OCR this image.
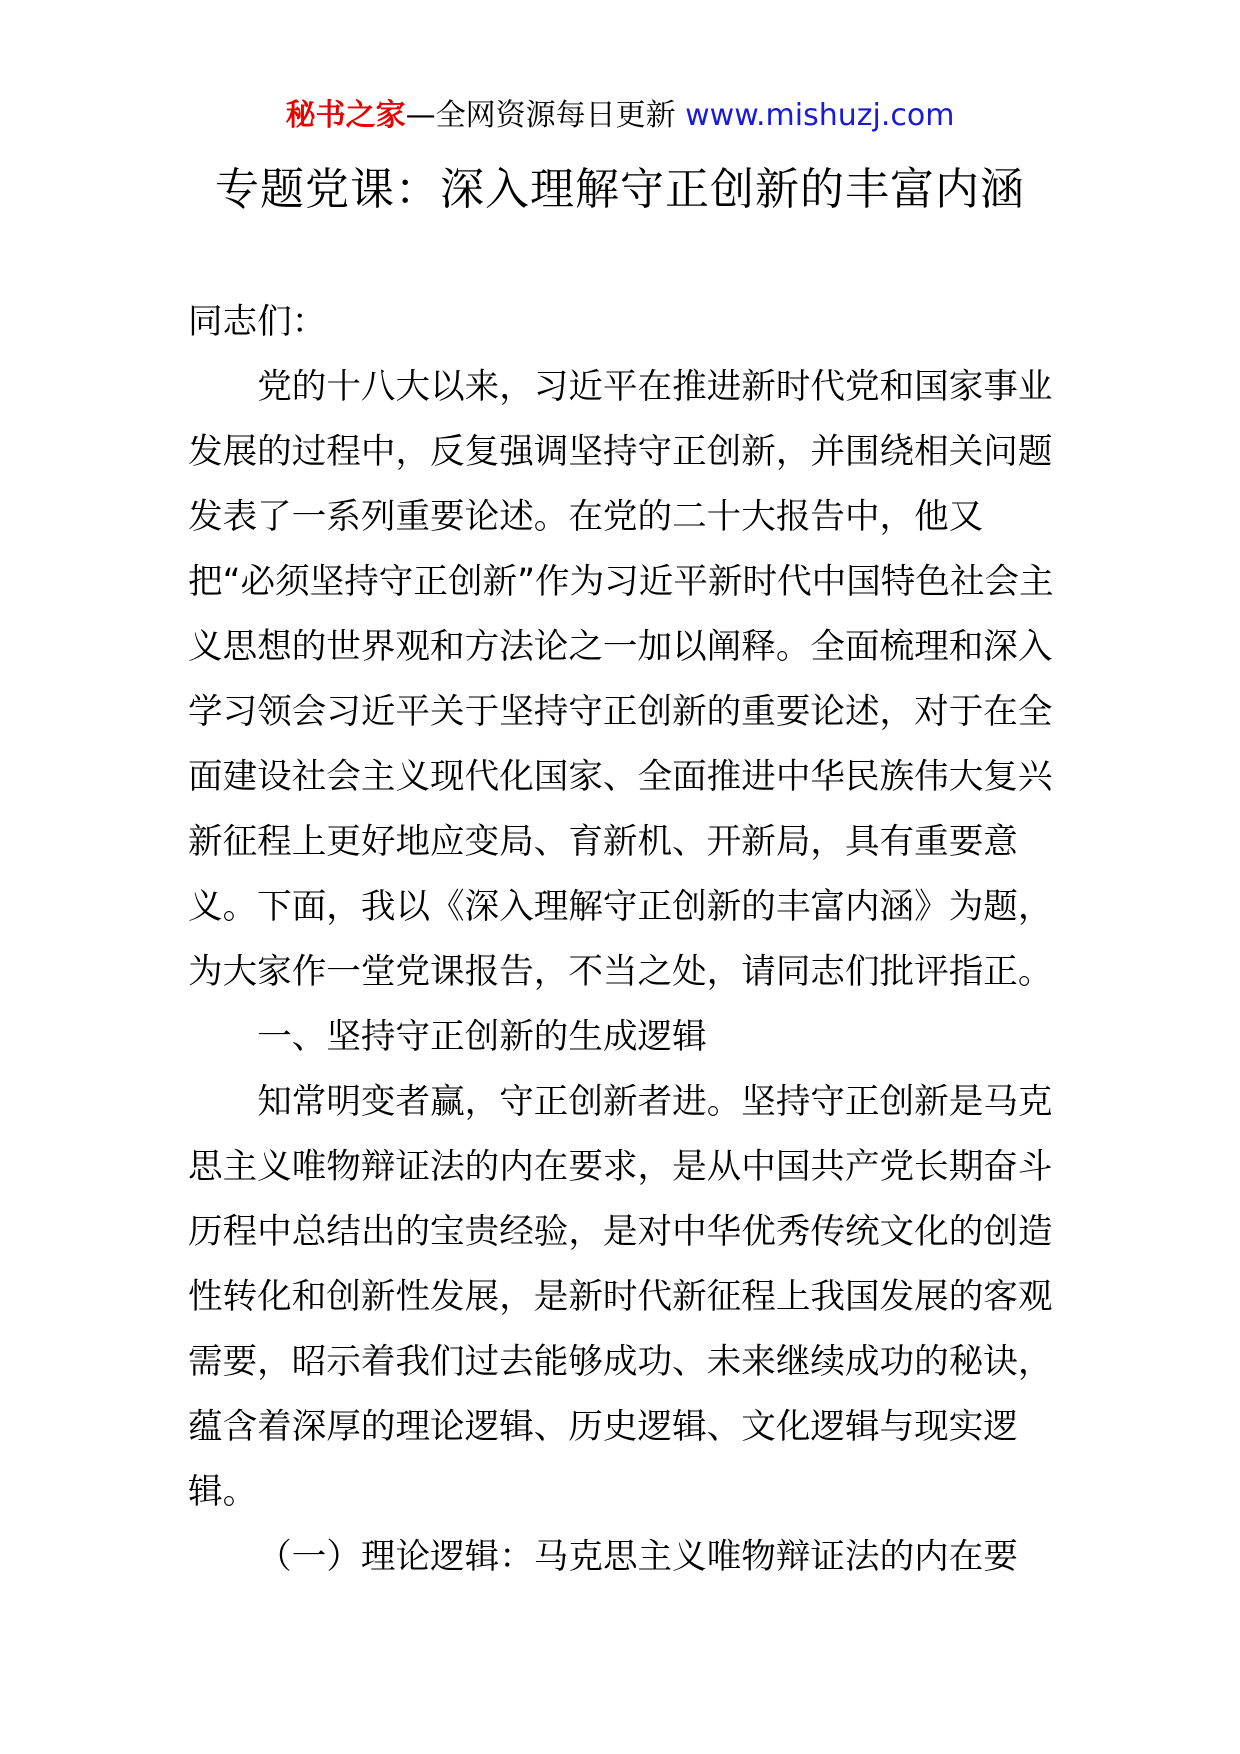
秘书之家—全网资源每日更新 www.mishuzj.com
专题党课：深入理解守正创新的丰富内涵

同志们：

党的十八大以来，习近平在推进新时代党和国家事业发展的过程中，反复强调坚持守正创新，并围绕相关问题发表了一系列重要论述。在党的二十大报告中，他又把“必须坚持守正创新”作为习近平新时代中国特色社会主义思想的世界观和方法论之一加以阐释。全面梳理和深入学习领会习近平关于坚持守正创新的重要论述，对于在全面建设社会主义现代化国家、全面推进中华民族伟大复兴新征程上更好地应变局、育新机、开新局，具有重要意义。下面，我以《深入理解守正创新的丰富内涵》为题，为大家作一堂党课报告，不当之处，请同志们批评指正。

一、坚持守正创新的生成逻辑

知常明变者赢，守正创新者进。坚持守正创新是马克思主义唯物辩证法的内在要求，是从中国共产党长期奋斗历程中总结出的宝贵经验，是对中华优秀传统文化的创造性转化和创新性发展，是新时代新征程上我国发展的客观需要，昭示着我们过去能够成功、未来继续成功的秘诀，蕴含着深厚的理论逻辑、历史逻辑、文化逻辑与现实逻辑。

（一）理论逻辑：马克思主义唯物辩证法的内在要
